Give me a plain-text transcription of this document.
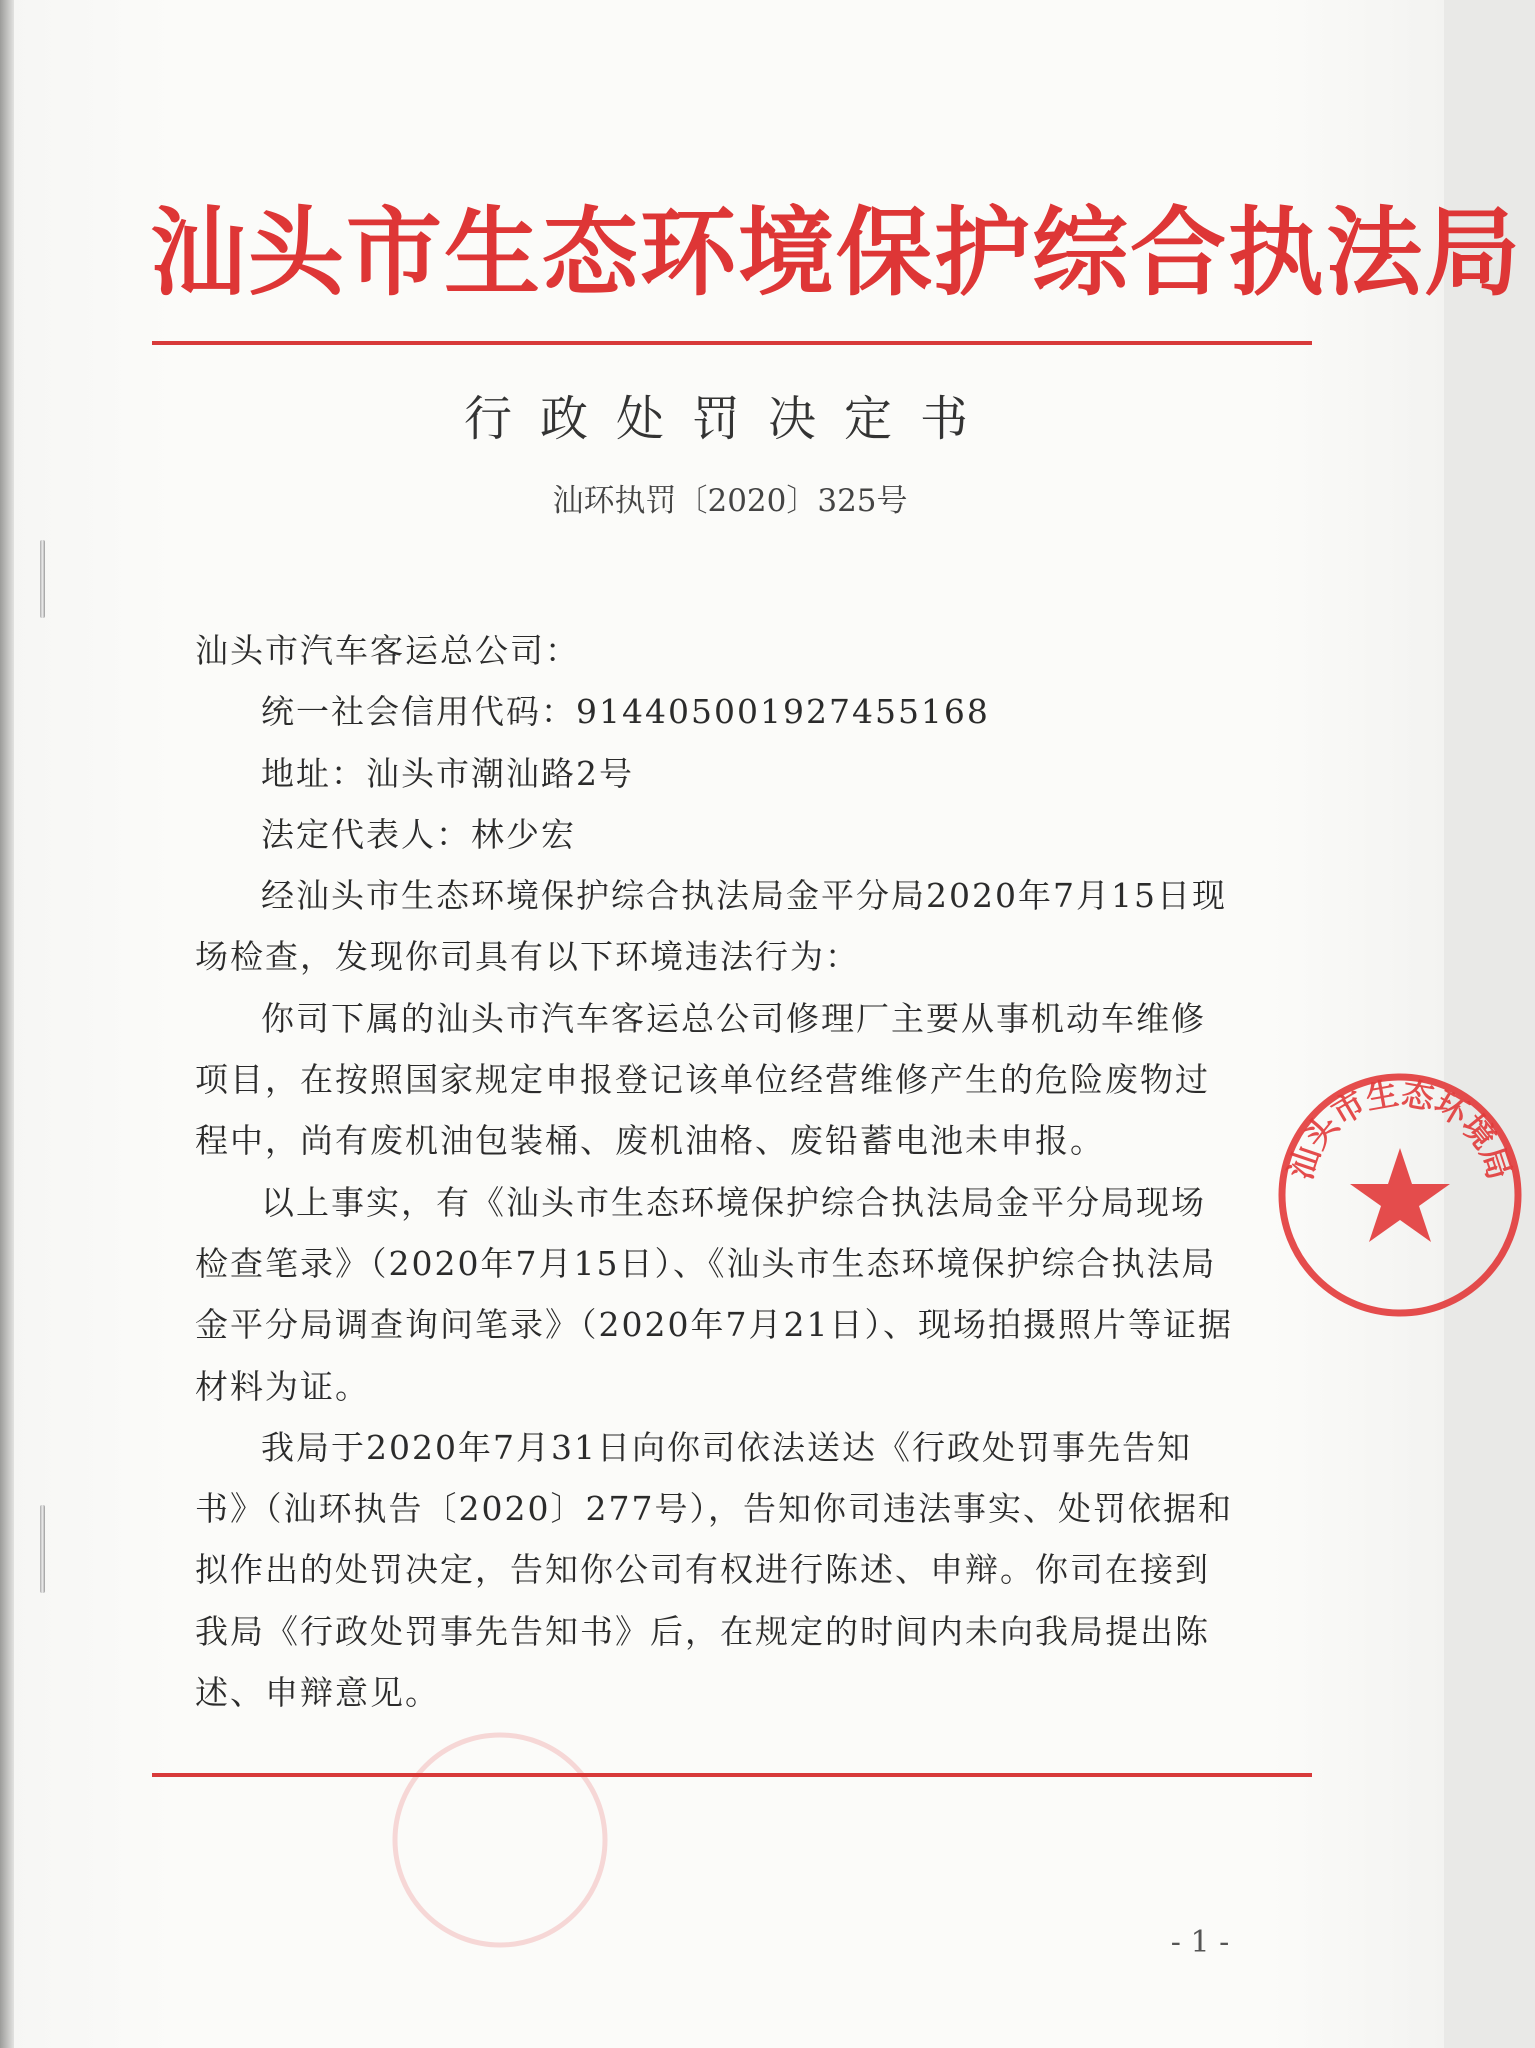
汕头市生态环境保护综合执法局
行政处罚决定书
汕环执罚〔2020〕325号

汕头市汽车客运总公司：

统一社会信用代码：914405001927455168

地址：汕头市潮汕路2号

法定代表人：林少宏

经汕头市生态环境保护综合执法局金平分局2020年7月15日现场检查，发现你司具有以下环境违法行为：

你司下属的汕头市汽车客运总公司修理厂主要从事机动车维修项目，在按照国家规定申报登记该单位经营维修产生的危险废物过程中，尚有废机油包装桶、废机油格、废铅蓄电池未申报。

以上事实，有《汕头市生态环境保护综合执法局金平分局现场检查笔录》（2020年7月15日）、《汕头市生态环境保护综合执法局金平分局调查询问笔录》（2020年7月21日）、现场拍摄照片等证据材料为证。

我局于2020年7月31日向你司依法送达《行政处罚事先告知书》（汕环执告〔2020〕277号），告知你司违法事实、处罚依据和拟作出的处罚决定，告知你公司有权进行陈述、申辩。你司在接到我局《行政处罚事先告知书》后，在规定的时间内未向我局提出陈述、申辩意见。

汕头市生态环境局
- 1 -
